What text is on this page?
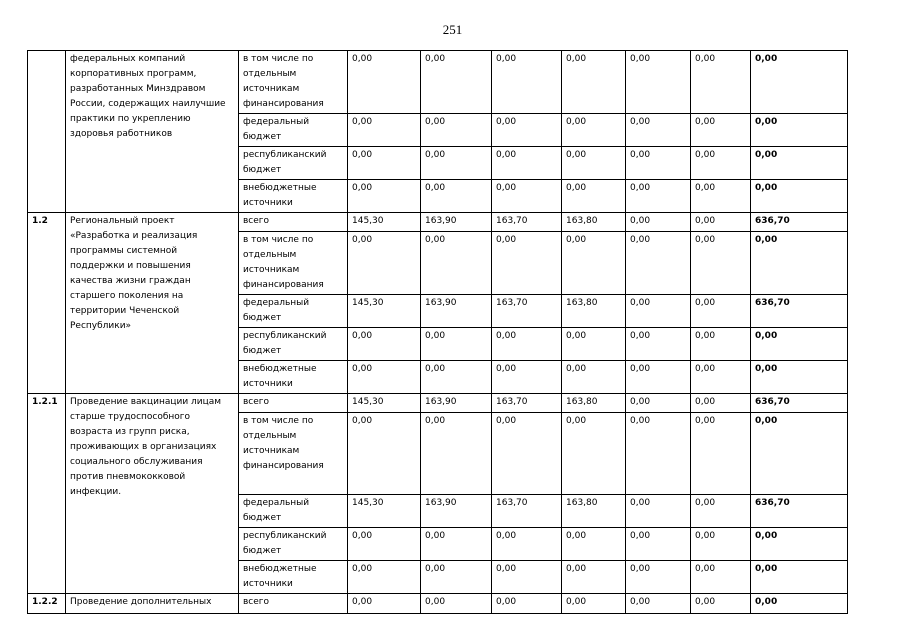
251
	федеральных компаний корпоративных программ, разработанных Минздравом России, содержащих наилучшие практики по укреплению здоровья работников	в том числе по отдельным источникам финансирования	0,00	0,00	0,00	0,00	0,00	0,00	0,00
		федеральный бюджет	0,00	0,00	0,00	0,00	0,00	0,00	0,00
		республиканский бюджет	0,00	0,00	0,00	0,00	0,00	0,00	0,00
		внебюджетные источники	0,00	0,00	0,00	0,00	0,00	0,00	0,00
1.2	Региональный проект «Разработка и реализация программы системной поддержки и повышения качества жизни граждан старшего поколения на территории Чеченской Республики»	всего	145,30	163,90	163,70	163,80	0,00	0,00	636,70
		в том числе по отдельным источникам финансирования	0,00	0,00	0,00	0,00	0,00	0,00	0,00
		федеральный бюджет	145,30	163,90	163,70	163,80	0,00	0,00	636,70
		республиканский бюджет	0,00	0,00	0,00	0,00	0,00	0,00	0,00
		внебюджетные источники	0,00	0,00	0,00	0,00	0,00	0,00	0,00
1.2.1	Проведение вакцинации лицам старше трудоспособного возраста из групп риска, проживающих в организациях социального обслуживания против пневмококковой инфекции.	всего	145,30	163,90	163,70	163,80	0,00	0,00	636,70
		в том числе по отдельным источникам финансирования	0,00	0,00	0,00	0,00	0,00	0,00	0,00
		федеральный бюджет	145,30	163,90	163,70	163,80	0,00	0,00	636,70
		республиканский бюджет	0,00	0,00	0,00	0,00	0,00	0,00	0,00
		внебюджетные источники	0,00	0,00	0,00	0,00	0,00	0,00	0,00
1.2.2	Проведение дополнительных	всего	0,00	0,00	0,00	0,00	0,00	0,00	0,00
